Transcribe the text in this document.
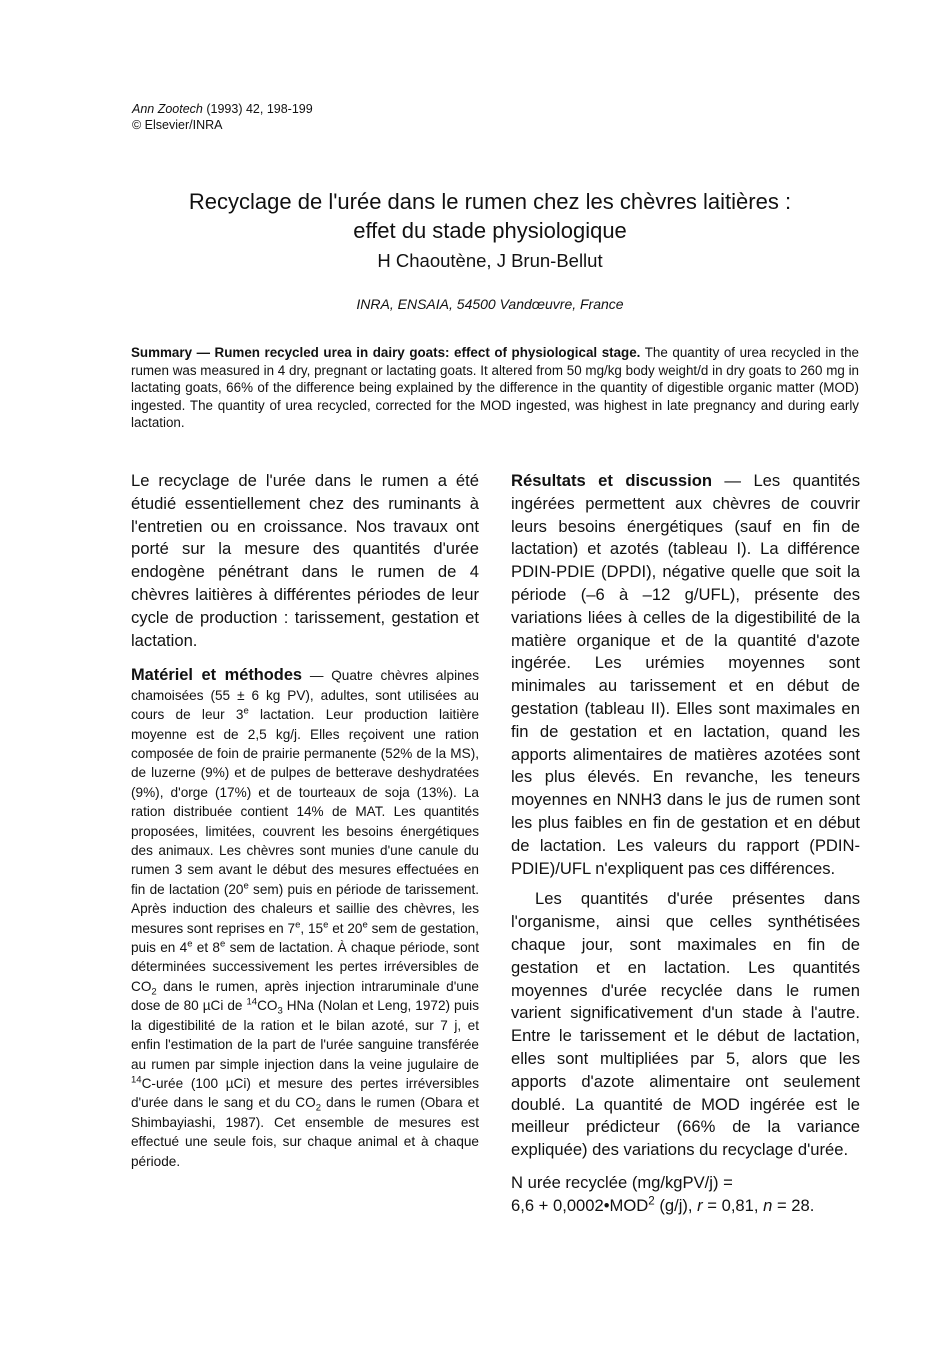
Ann Zootech (1993) 42, 198-199
© Elsevier/INRA
Recyclage de l'urée dans le rumen chez les chèvres laitières :
effet du stade physiologique
H Chaoutène, J Brun-Bellut
INRA, ENSAIA, 54500 Vandœuvre, France
Summary — Rumen recycled urea in dairy goats: effect of physiological stage. The quantity of urea recycled in the rumen was measured in 4 dry, pregnant or lactating goats. It altered from 50 mg/kg body weight/d in dry goats to 260 mg in lactating goats, 66% of the difference being explained by the difference in the quantity of digestible organic matter (MOD) ingested. The quantity of urea recycled, corrected for the MOD ingested, was highest in late pregnancy and during early lactation.

Le recyclage de l'urée dans le rumen a été étudié essentiellement chez des ruminants à l'entretien ou en croissance. Nos travaux ont porté sur la mesure des quantités d'urée endogène pénétrant dans le rumen de 4 chèvres laitières à différentes périodes de leur cycle de production : tarissement, gestation et lactation.

Matériel et méthodes — Quatre chèvres alpines chamoisées (55 ± 6 kg PV), adultes, sont utilisées au cours de leur 3e lactation. Leur production laitière moyenne est de 2,5 kg/j. Elles reçoivent une ration composée de foin de prairie permanente (52% de la MS), de luzerne (9%) et de pulpes de betterave deshydratées (9%), d'orge (17%) et de tourteaux de soja (13%). La ration distribuée contient 14% de MAT. Les quantités proposées, limitées, couvrent les besoins énergétiques des animaux. Les chèvres sont munies d'une canule du rumen 3 sem avant le début des mesures effectuées en fin de lactation (20e sem) puis en période de tarissement. Après induction des chaleurs et saillie des chèvres, les mesures sont reprises en 7e, 15e et 20e sem de gestation, puis en 4e et 8e sem de lactation. À chaque période, sont déterminées successivement les pertes irréversibles de $CO_2$ dans le rumen, après injection intraruminale d'une dose de 80 µCi de $^{14}CO_3$ HNa (Nolan et Leng, 1972) puis la digestibilité de la ration et le bilan azoté, sur 7 j, et enfin l'estimation de la part de l'urée sanguine transférée au rumen par simple injection dans la veine jugulaire de $^{14}$C-urée (100 µCi) et mesure des pertes irréversibles d'urée dans le sang et du $CO_2$ dans le rumen (Obara et Shimbayiashi, 1987). Cet ensemble de mesures est effectué une seule fois, sur chaque animal et à chaque période.

Résultats et discussion — Les quantités ingérées permettent aux chèvres de couvrir leurs besoins énergétiques (sauf en fin de lactation) et azotés (tableau I). La différence PDIN-PDIE (DPDI), négative quelle que soit la période (–6 à –12 g/UFL), présente des variations liées à celles de la digestibilité de la matière organique et de la quantité d'azote ingérée. Les urémies moyennes sont minimales au tarissement et en début de gestation (tableau II). Elles sont maximales en fin de gestation et en lactation, quand les apports alimentaires de matières azotées sont les plus élevés. En revanche, les teneurs moyennes en NNH3 dans le jus de rumen sont les plus faibles en fin de gestation et en début de lactation. Les valeurs du rapport (PDIN-PDIE)/UFL n'expliquent pas ces différences.

Les quantités d'urée présentes dans l'organisme, ainsi que celles synthétisées chaque jour, sont maximales en fin de gestation et en lactation. Les quantités moyennes d'urée recyclée dans le rumen varient significativement d'un stade à l'autre. Entre le tarissement et le début de lactation, elles sont multipliées par 5, alors que les apports d'azote alimentaire ont seulement doublé. La quantité de MOD ingérée est le meilleur prédicteur (66% de la variance expliquée) des variations du recyclage d'urée.

N urée recyclée (mg/kgPV/j) =
$6,6 + 0,0002•MOD^2$ (g/j), r = 0,81, n = 28.
